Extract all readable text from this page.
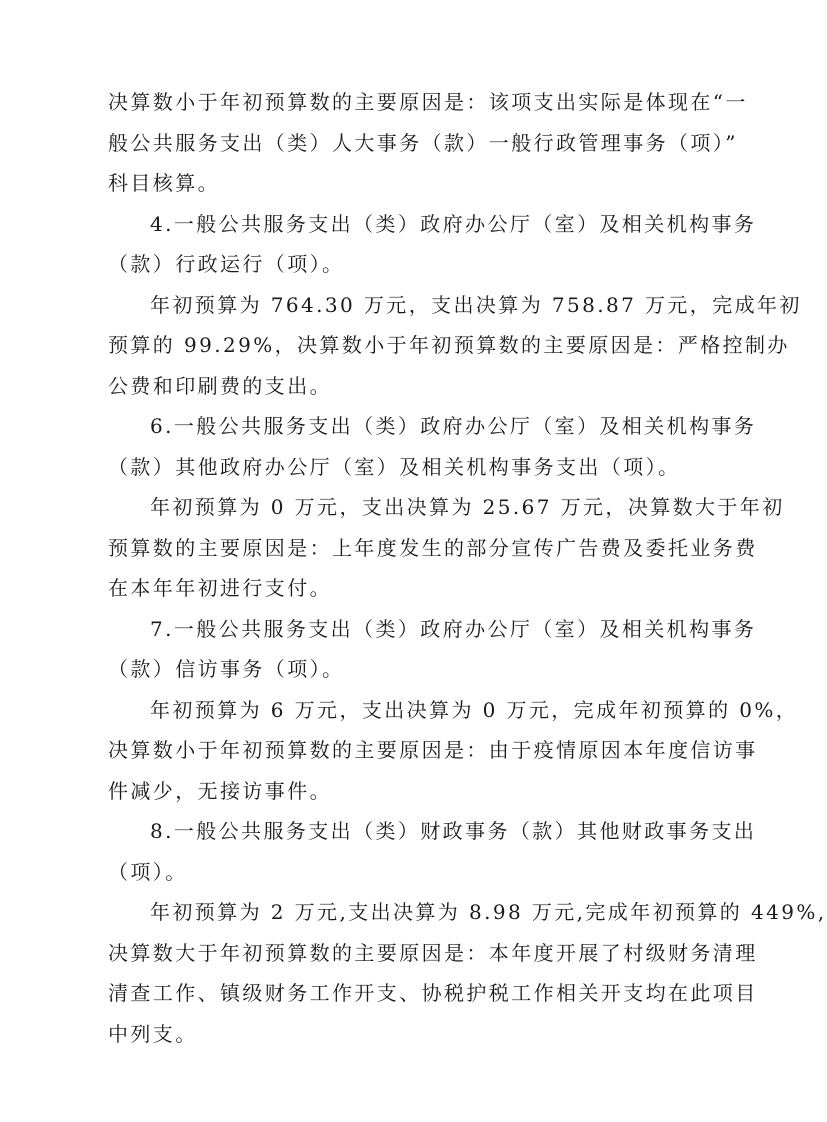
决算数小于年初预算数的主要原因是：该项支出实际是体现在“一
般公共服务支出（类）人大事务（款）一般行政管理事务（项）”
科目核算。
4.一般公共服务支出（类）政府办公厅（室）及相关机构事务
（款）行政运行（项）。
年初预算为 764.30 万元，支出决算为 758.87 万元，完成年初
预算的 99.29%，决算数小于年初预算数的主要原因是：严格控制办
公费和印刷费的支出。
6.一般公共服务支出（类）政府办公厅（室）及相关机构事务
（款）其他政府办公厅（室）及相关机构事务支出（项）。
年初预算为 0 万元，支出决算为 25.67 万元，决算数大于年初
预算数的主要原因是：上年度发生的部分宣传广告费及委托业务费
在本年年初进行支付。
7.一般公共服务支出（类）政府办公厅（室）及相关机构事务
（款）信访事务（项）。
年初预算为 6 万元，支出决算为 0 万元，完成年初预算的 0%，
决算数小于年初预算数的主要原因是：由于疫情原因本年度信访事
件减少，无接访事件。
8.一般公共服务支出（类）财政事务（款）其他财政事务支出
（项）。
年初预算为 2 万元,支出决算为 8.98 万元,完成年初预算的 449%,
决算数大于年初预算数的主要原因是：本年度开展了村级财务清理
清查工作、镇级财务工作开支、协税护税工作相关开支均在此项目
中列支。
